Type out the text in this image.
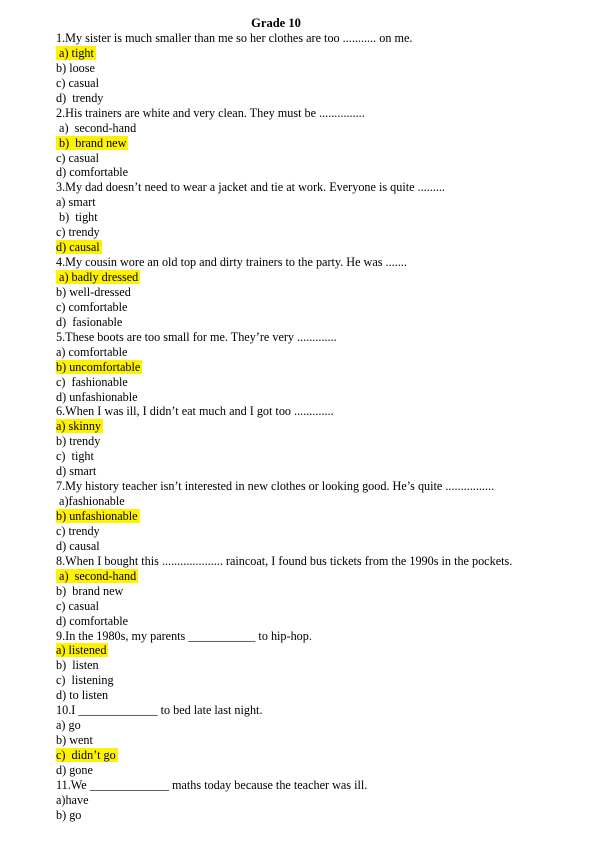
Grade 10
1.My sister is much smaller than me so her clothes are too ........... on me.
a) tight
b) loose
c) casual
d)  trendy
2.His trainers are white and very clean. They must be ...............
a)  second-hand
b)  brand new
c) casual
d) comfortable
3.My dad doesn’t need to wear a jacket and tie at work. Everyone is quite .........
a) smart
b)  tight
c) trendy
d) causal
4.My cousin wore an old top and dirty trainers to the party. He was .......
a) badly dressed
b) well-dressed
c) comfortable
d)  fasionable
5.These boots are too small for me. They’re very .............
a) comfortable
b) uncomfortable
c)  fashionable
d) unfashionable
6.When I was ill, I didn’t eat much and I got too .............
a) skinny
b) trendy
c)  tight
d) smart
7.My history teacher isn’t interested in new clothes or looking good. He’s quite ................
a)fashionable
b) unfashionable
c) trendy
d) causal
8.When I bought this .................... raincoat, I found bus tickets from the 1990s in the pockets.
a)  second-hand
b)  brand new
c) casual
d) comfortable
9.In the 1980s, my parents ___________ to hip-hop.
a) listened
b)  listen
c)  listening
d) to listen
10.I _____________ to bed late last night.
a) go
b) went
c)  didn’t go
d) gone
11.We _____________ maths today because the teacher was ill.
a)have
b) go
